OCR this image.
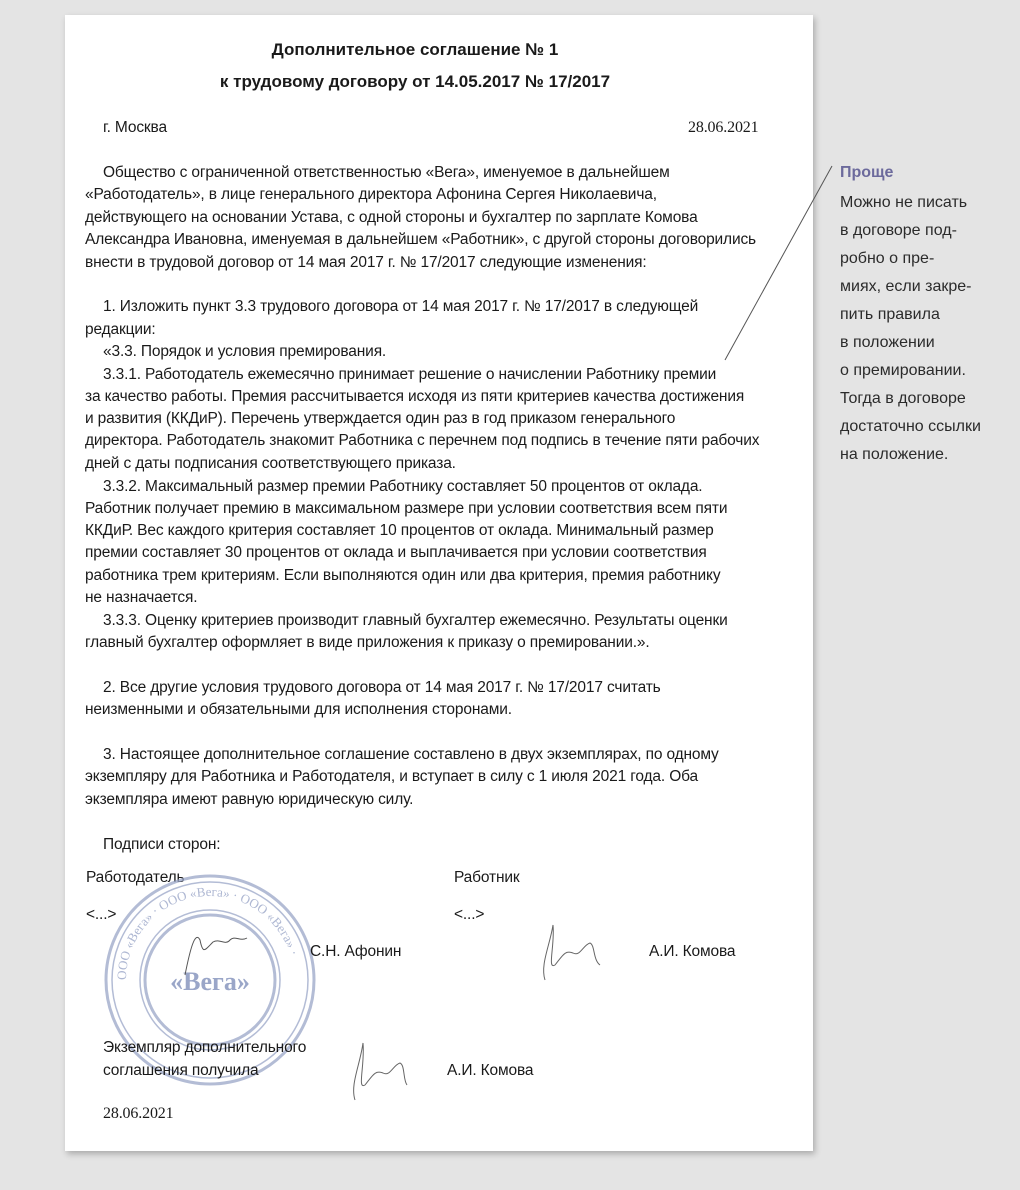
Дополнительное соглашение № 1
к трудовому договору от 14.05.2017 № 17/2017
г. Москва	28.06.2021
Общество с ограниченной ответственностью «Вега», именуемое в дальнейшем
«Работодатель», в лице генерального директора Афонина Сергея Николаевича,
действующего на основании Устава, с одной стороны и бухгалтер по зарплате Комова
Александра Ивановна, именуемая в дальнейшем «Работник», с другой стороны договорились
внести в трудовой договор от 14 мая 2017 г. № 17/2017 следующие изменения:
1. Изложить пункт 3.3 трудового договора от 14 мая 2017 г. № 17/2017 в следующей
редакции:
«3.3. Порядок и условия премирования.
3.3.1. Работодатель ежемесячно принимает решение о начислении Работнику премии
за качество работы. Премия рассчитывается исходя из пяти критериев качества достижения
и развития (ККДиР). Перечень утверждается один раз в год приказом генерального
директора. Работодатель знакомит Работника с перечнем под подпись в течение пяти рабочих
дней с даты подписания соответствующего приказа.
3.3.2. Максимальный размер премии Работнику составляет 50 процентов от оклада.
Работник получает премию в максимальном размере при условии соответствия всем пяти
ККДиР. Вес каждого критерия составляет 10 процентов от оклада. Минимальный размер
премии составляет 30 процентов от оклада и выплачивается при условии соответствия
работника трем критериям. Если выполняются один или два критерия, премия работнику
не назначается.
3.3.3. Оценку критериев производит главный бухгалтер ежемесячно. Результаты оценки
главный бухгалтер оформляет в виде приложения к приказу о премировании.».
2. Все другие условия трудового договора от 14 мая 2017 г. № 17/2017 считать
неизменными и обязательными для исполнения сторонами.
3. Настоящее дополнительное соглашение составлено в двух экземплярах, по одному
экземпляру для Работника и Работодателя, и вступает в силу с 1 июля 2021 года. Оба
экземпляра имеют равную юридическую силу.
Подписи сторон:
Работодатель	Работник
<...>	<...>
ООО «Вега» · ООО «Вега» · ООО «Вега» ·
«Вега»
С.Н. Афонин	А.И. Комова
Экземпляр дополнительного
соглашения получила	А.И. Комова
28.06.2021
Проще
Можно не писать
в договоре под-
робно о пре-
миях, если закре-
пить правила
в положении
о премировании.
Тогда в договоре
достаточно ссылки
на положение.
